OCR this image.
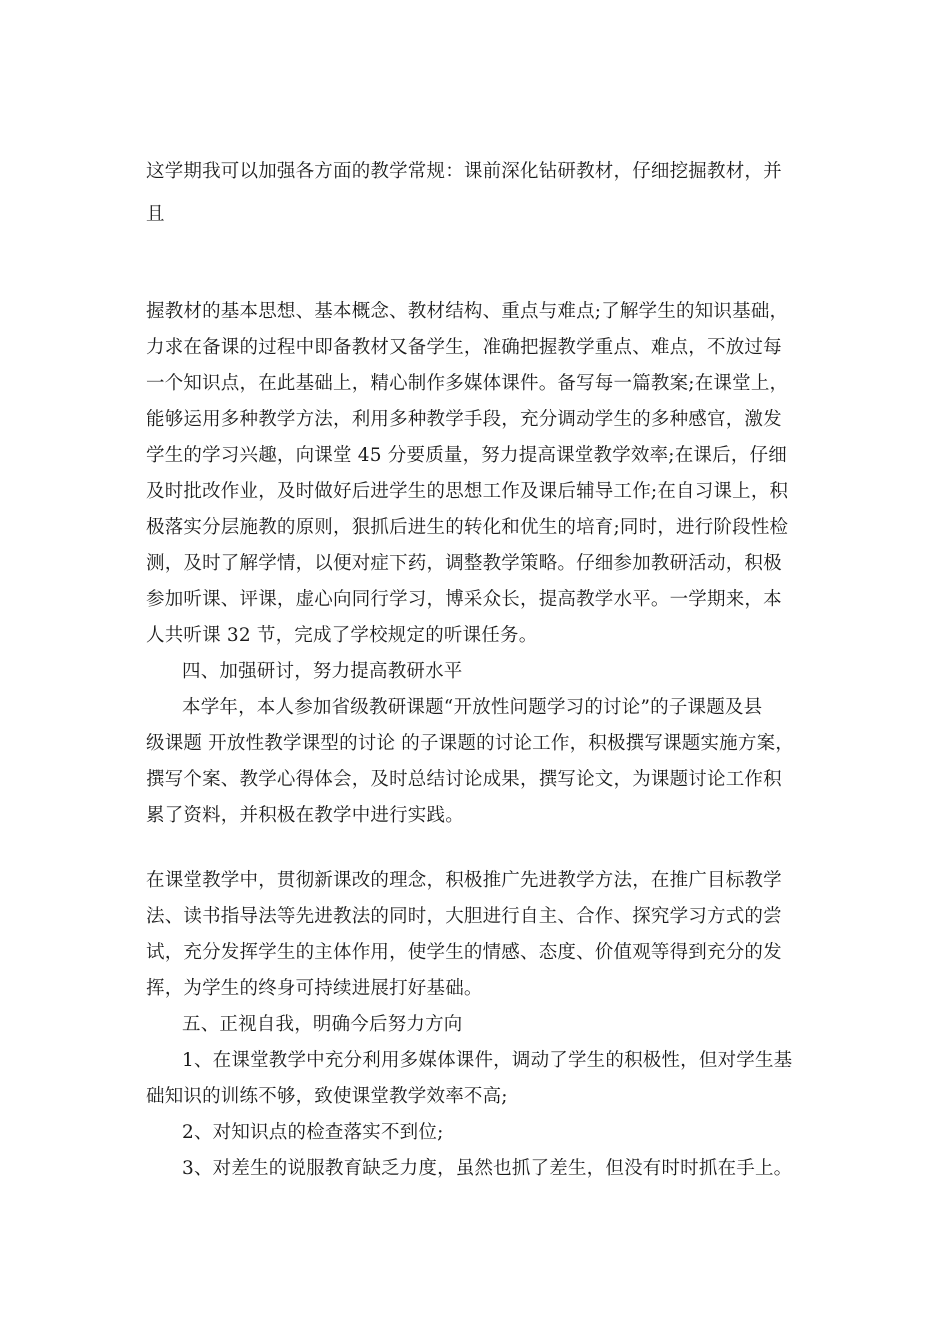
这学期我可以加强各方面的教学常规：课前深化钻研教材，仔细挖掘教材，并
且
握教材的基本思想、基本概念、教材结构、重点与难点;了解学生的知识基础，
力求在备课的过程中即备教材又备学生，准确把握教学重点、难点，不放过每
一个知识点，在此基础上，精心制作多媒体课件。备写每一篇教案;在课堂上，
能够运用多种教学方法，利用多种教学手段，充分调动学生的多种感官，激发
学生的学习兴趣，向课堂 45 分要质量，努力提高课堂教学效率;在课后，仔细
及时批改作业，及时做好后进学生的思想工作及课后辅导工作;在自习课上，积
极落实分层施教的原则，狠抓后进生的转化和优生的培育;同时，进行阶段性检
测，及时了解学情，以便对症下药，调整教学策略。仔细参加教研活动，积极
参加听课、评课，虚心向同行学习，博采众长，提高教学水平。一学期来，本
人共听课 32 节，完成了学校规定的听课任务。
四、加强研讨，努力提高教研水平
本学年，本人参加省级教研课题“开放性问题学习的讨论”的子课题及县
级课题 开放性教学课型的讨论 的子课题的讨论工作，积极撰写课题实施方案，
撰写个案、教学心得体会，及时总结讨论成果，撰写论文，为课题讨论工作积
累了资料，并积极在教学中进行实践。
在课堂教学中，贯彻新课改的理念，积极推广先进教学方法，在推广目标教学
法、读书指导法等先进教法的同时，大胆进行自主、合作、探究学习方式的尝
试，充分发挥学生的主体作用，使学生的情感、态度、价值观等得到充分的发
挥，为学生的终身可持续进展打好基础。
五、正视自我，明确今后努力方向
1、在课堂教学中充分利用多媒体课件，调动了学生的积极性，但对学生基
础知识的训练不够，致使课堂教学效率不高;
2、对知识点的检查落实不到位;
3、对差生的说服教育缺乏力度，虽然也抓了差生，但没有时时抓在手上。
